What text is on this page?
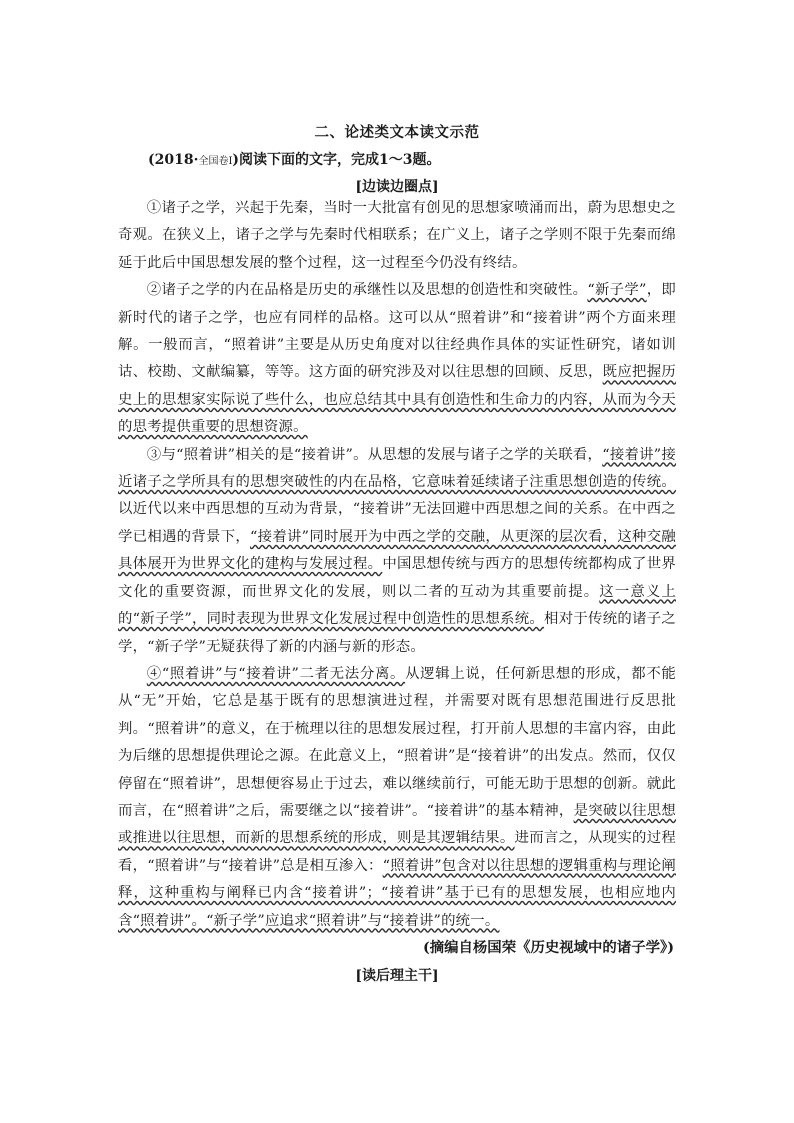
二、论述类文本读文示范
(2018·全国卷Ⅰ)阅读下面的文字，完成1～3题。
[边读边圈点]

①诸子之学，兴起于先秦，当时一大批富有创见的思想家喷涌而出，蔚为思想史之奇观。在狭义上，诸子之学与先秦时代相联系；在广义上，诸子之学则不限于先秦而绵延于此后中国思想发展的整个过程，这一过程至今仍没有终结。

②诸子之学的内在品格是历史的承继性以及思想的创造性和突破性。“新子学”，即新时代的诸子之学，也应有同样的品格。这可以从“照着讲”和“接着讲”两个方面来理解。一般而言，“照着讲”主要是从历史角度对以往经典作具体的实证性研究，诸如训诂、校勘、文献编纂，等等。这方面的研究涉及对以往思想的回顾、反思，既应把握历史上的思想家实际说了些什么，也应总结其中具有创造性和生命力的内容，从而为今天的思考提供重要的思想资源。

③与“照着讲”相关的是“接着讲”。从思想的发展与诸子之学的关联看，“接着讲”接近诸子之学所具有的思想突破性的内在品格，它意味着延续诸子注重思想创造的传统。以近代以来中西思想的互动为背景，“接着讲”无法回避中西思想之间的关系。在中西之学已相遇的背景下，“接着讲”同时展开为中西之学的交融，从更深的层次看，这种交融具体展开为世界文化的建构与发展过程。中国思想传统与西方的思想传统都构成了世界文化的重要资源，而世界文化的发展，则以二者的互动为其重要前提。这一意义上的“新子学”，同时表现为世界文化发展过程中创造性的思想系统。相对于传统的诸子之学，“新子学”无疑获得了新的内涵与新的形态。

④“照着讲”与“接着讲”二者无法分离。从逻辑上说，任何新思想的形成，都不能从“无”开始，它总是基于既有的思想演进过程，并需要对既有思想范围进行反思批判。“照着讲”的意义，在于梳理以往的思想发展过程，打开前人思想的丰富内容，由此为后继的思想提供理论之源。在此意义上，“照着讲”是“接着讲”的出发点。然而，仅仅停留在“照着讲”，思想便容易止于过去，难以继续前行，可能无助于思想的创新。就此而言，在“照着讲”之后，需要继之以“接着讲”。“接着讲”的基本精神，是突破以往思想或推进以往思想，而新的思想系统的形成，则是其逻辑结果。进而言之，从现实的过程看，“照着讲”与“接着讲”总是相互渗入：“照着讲”包含对以往思想的逻辑重构与理论阐释，这种重构与阐释已内含“接着讲”；“接着讲”基于已有的思想发展，也相应地内含“照着讲”。“新子学”应追求“照着讲”与“接着讲”的统一。

(摘编自杨国荣《历史视域中的诸子学》)
[读后理主干]
